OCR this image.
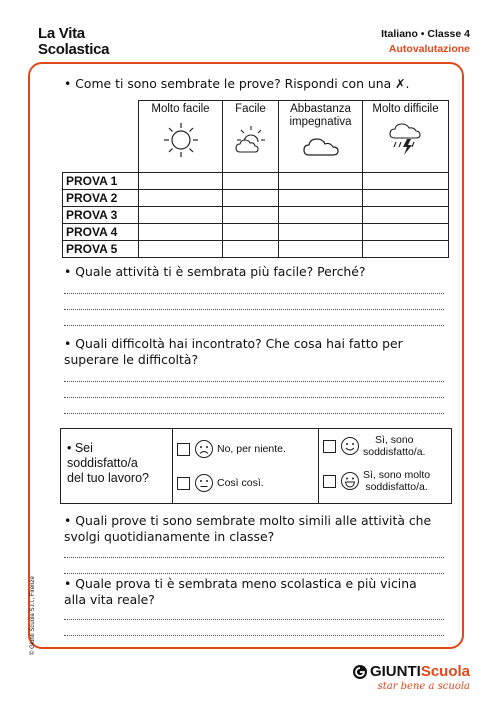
La Vita
Scolastica
Italiano • Classe 4
Autovalutazione
• Come ti sono sembrate le prove? Rispondi con una ✗.

	Molto facile	Facile	Abbastanza impegnativa	Molto difficile

PROVA 1				
PROVA 2				
PROVA 3				
PROVA 4				
PROVA 5				
• Quale attività ti è sembrata più facile? Perché?
• Quali difficoltà hai incontrato? Che cosa hai fatto per
superare le difficoltà?
• Sei
soddisfatto/a
del tuo lavoro?
No, per niente.
Così così.
Sì, sono
soddisfatto/a.
Sì, sono molto
soddisfatto/a.
• Quali prove ti sono sembrate molto simili alle attività che
svolgi quotidianamente in classe?
• Quale prova ti è sembrata meno scolastica e più vicina
alla vita reale?
© Giunti Scuola S.r.l., Firenze
GIUNTI Scuola
star bene a scuola
